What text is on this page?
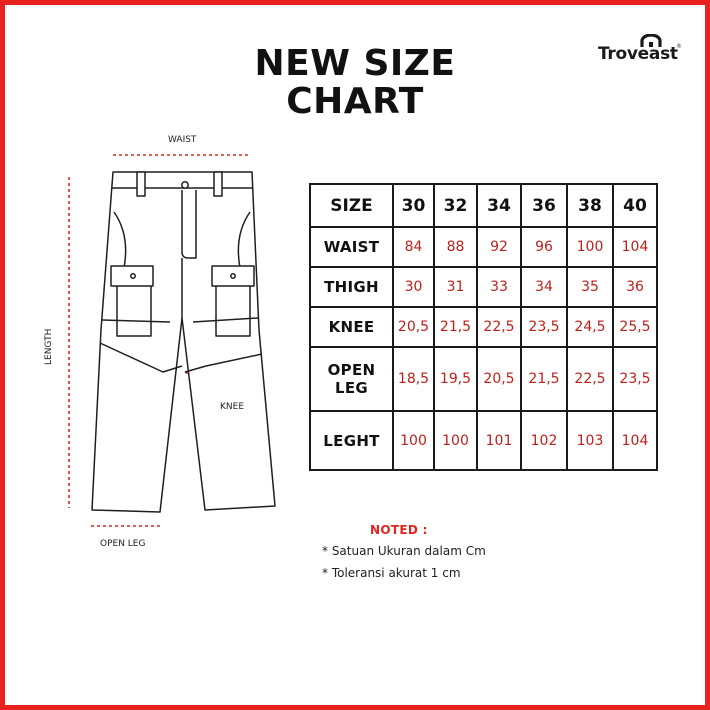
NEW SIZE
CHART
Troveast
®
WAIST
LENGTH
KNEE
OPEN LEG
SIZE	30	32	34	36	38	40
WAIST	84	88	92	96	100	104
THIGH	30	31	33	34	35	36
KNEE	20,5	21,5	22,5	23,5	24,5	25,5

OPEN
LEG	18,5	19,5	20,5	21,5	22,5	23,5
LEGHT	100	100	101	102	103	104
NOTED :
* Satuan Ukuran dalam Cm
* Toleransi akurat 1 cm
